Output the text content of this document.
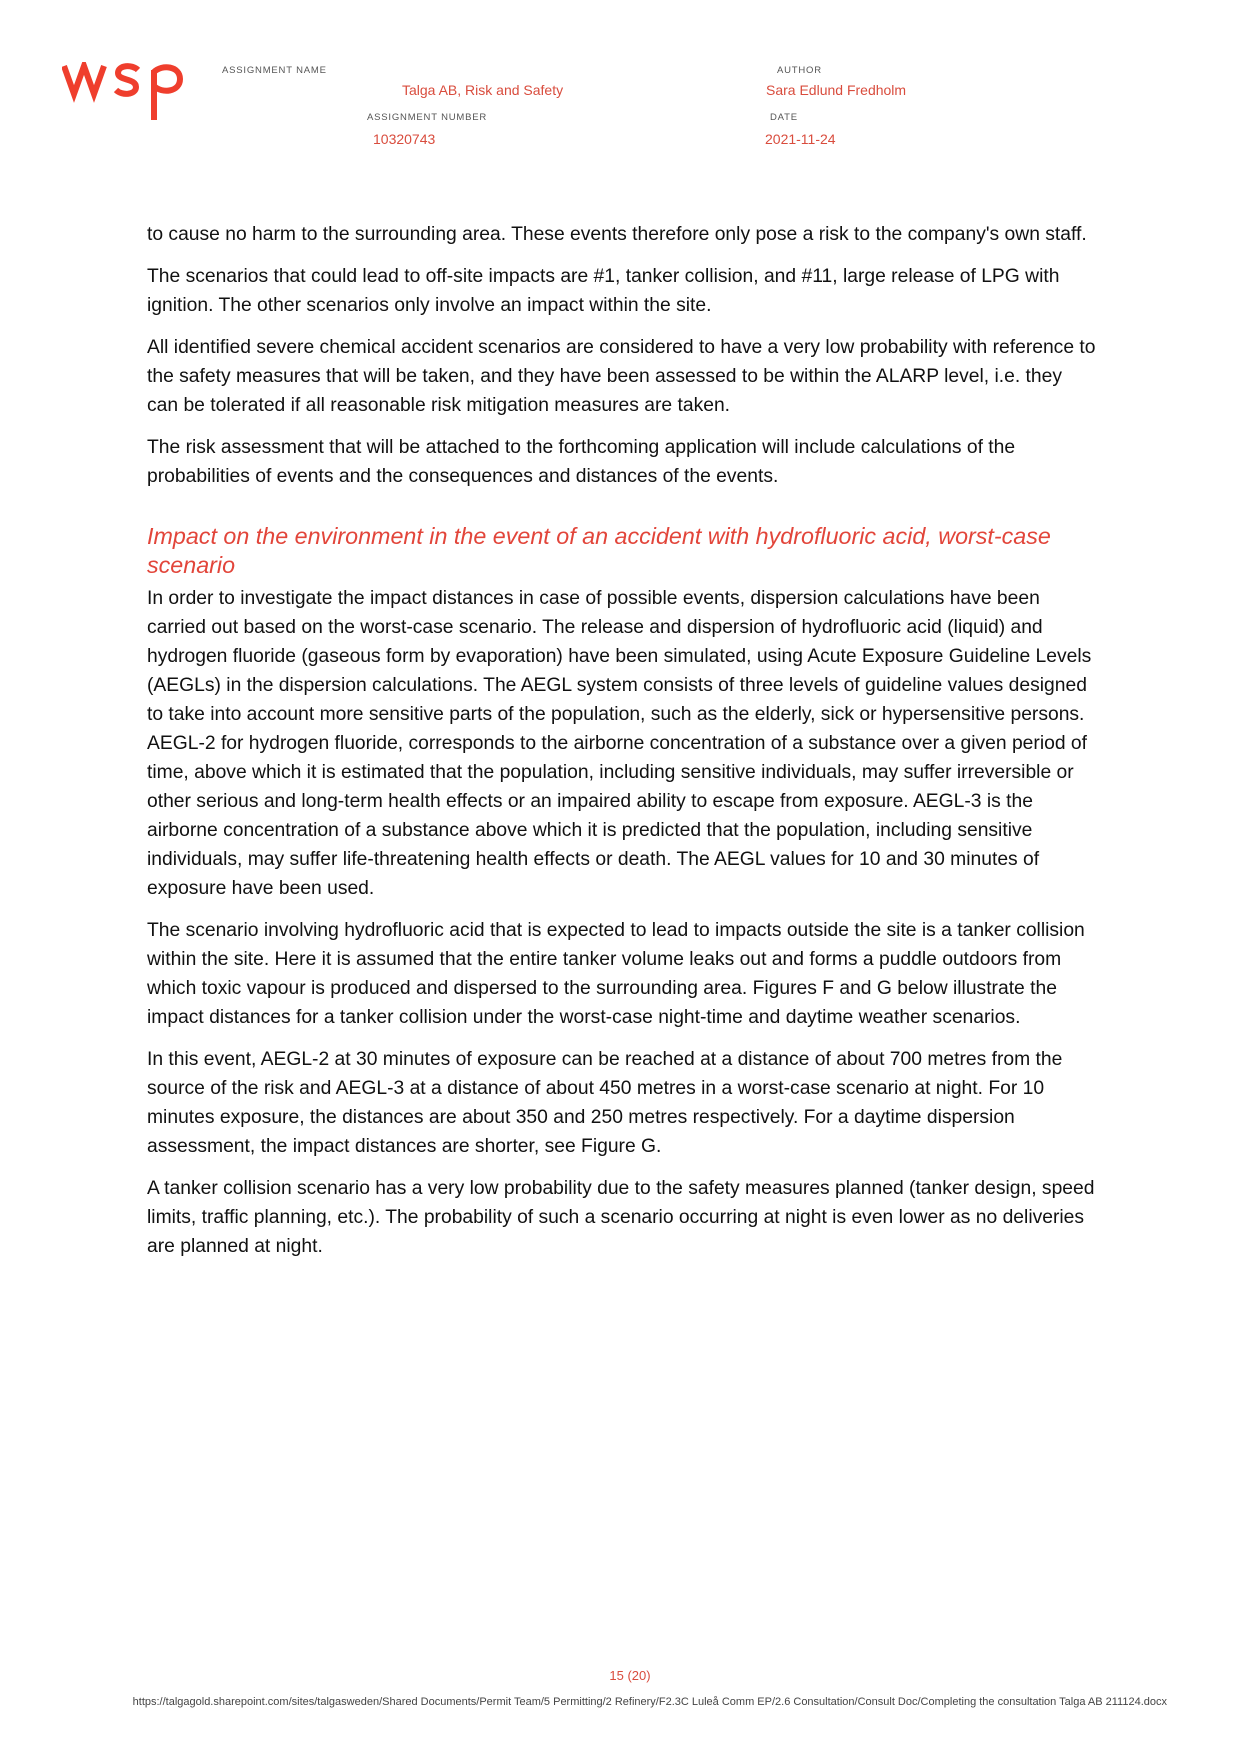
ASSIGNMENT NAME
Talga AB, Risk and Safety
AUTHOR
Sara Edlund Fredholm
ASSIGNMENT NUMBER
10320743
DATE
2021-11-24

to cause no harm to the surrounding area. These events therefore only pose a risk to the company's own staff.

The scenarios that could lead to off-site impacts are #1, tanker collision, and #11, large release of LPG with ignition. The other scenarios only involve an impact within the site.

All identified severe chemical accident scenarios are considered to have a very low probability with reference to the safety measures that will be taken, and they have been assessed to be within the ALARP level, i.e. they can be tolerated if all reasonable risk mitigation measures are taken.

The risk assessment that will be attached to the forthcoming application will include calculations of the probabilities of events and the consequences and distances of the events.

Impact on the environment in the event of an accident with hydrofluoric acid, worst-case scenario

In order to investigate the impact distances in case of possible events, dispersion calculations have been carried out based on the worst-case scenario. The release and dispersion of hydrofluoric acid (liquid) and hydrogen fluoride (gaseous form by evaporation) have been simulated, using Acute Exposure Guideline Levels (AEGLs) in the dispersion calculations. The AEGL system consists of three levels of guideline values designed to take into account more sensitive parts of the population, such as the elderly, sick or hypersensitive persons. AEGL-2 for hydrogen fluoride, corresponds to the airborne concentration of a substance over a given period of time, above which it is estimated that the population, including sensitive individuals, may suffer irreversible or other serious and long-term health effects or an impaired ability to escape from exposure. AEGL-3 is the airborne concentration of a substance above which it is predicted that the population, including sensitive individuals, may suffer life-threatening health effects or death. The AEGL values for 10 and 30 minutes of exposure have been used.

The scenario involving hydrofluoric acid that is expected to lead to impacts outside the site is a tanker collision within the site. Here it is assumed that the entire tanker volume leaks out and forms a puddle outdoors from which toxic vapour is produced and dispersed to the surrounding area. Figures F and G below illustrate the impact distances for a tanker collision under the worst-case night-time and daytime weather scenarios.

In this event, AEGL-2 at 30 minutes of exposure can be reached at a distance of about 700 metres from the source of the risk and AEGL-3 at a distance of about 450 metres in a worst-case scenario at night. For 10 minutes exposure, the distances are about 350 and 250 metres respectively. For a daytime dispersion assessment, the impact distances are shorter, see Figure G.

A tanker collision scenario has a very low probability due to the safety measures planned (tanker design, speed limits, traffic planning, etc.). The probability of such a scenario occurring at night is even lower as no deliveries are planned at night.

15 (20)
https://talgagold.sharepoint.com/sites/talgasweden/Shared Documents/Permit Team/5 Permitting/2 Refinery/F2.3C Luleå Comm EP/2.6 Consultation/Consult Doc/Completing the consultation Talga AB 211124.docx
